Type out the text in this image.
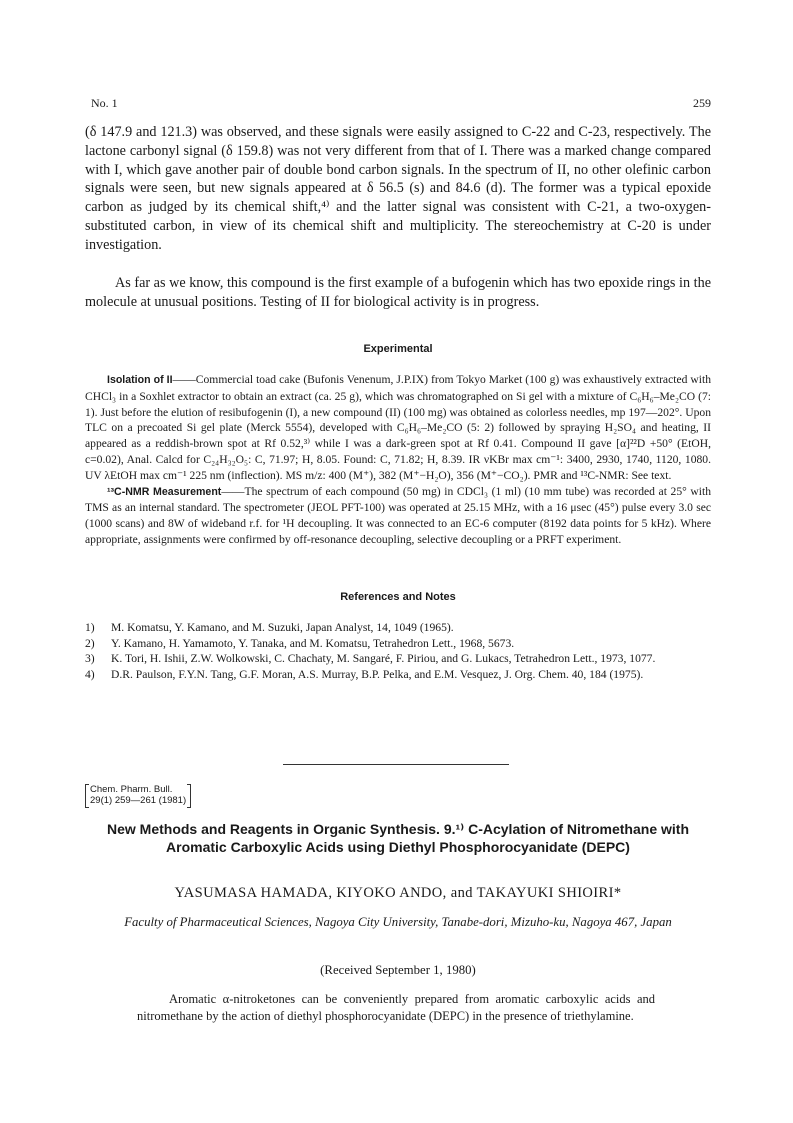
No. 1	259

(δ 147.9 and 121.3) was observed, and these signals were easily assigned to C-22 and C-23, respectively. The lactone carbonyl signal (δ 159.8) was not very different from that of I. There was a marked change compared with I, which gave another pair of double bond carbon signals. In the spectrum of II, no other olefinic carbon signals were seen, but new signals appeared at δ 56.5 (s) and 84.6 (d). The former was a typical epoxide carbon as judged by its chemical shift,⁴⁾ and the latter signal was consistent with C-21, a two-oxygen-substituted carbon, in view of its chemical shift and multiplicity. The stereochemistry at C-20 is under investigation.

As far as we know, this compound is the first example of a bufogenin which has two epoxide rings in the molecule at unusual positions. Testing of II for biological activity is in progress.

Experimental

Isolation of II——Commercial toad cake (Bufonis Venenum, J.P.IX) from Tokyo Market (100 g) was exhaustively extracted with CHCl₃ in a Soxhlet extractor to obtain an extract (ca. 25 g), which was chromatographed on Si gel with a mixture of C₆H₆–Me₂CO (7: 1). Just before the elution of resibufogenin (I), a new compound (II) (100 mg) was obtained as colorless needles, mp 197—202°. Upon TLC on a precoated Si gel plate (Merck 5554), developed with C₆H₆–Me₂CO (5: 2) followed by spraying H₂SO₄ and heating, II appeared as a reddish-brown spot at Rf 0.52,³⁾ while I was a dark-green spot at Rf 0.41. Compound II gave [α]²²D +50° (EtOH, c=0.02), Anal. Calcd for C₂₄H₃₂O₅: C, 71.97; H, 8.05. Found: C, 71.82; H, 8.39. IR νKBr max cm⁻¹: 3400, 2930, 1740, 1120, 1080. UV λEtOH max cm⁻¹ 225 nm (inflection). MS m/z: 400 (M⁺), 382 (M⁺−H₂O), 356 (M⁺−CO₂). PMR and ¹³C-NMR: See text.

¹³C-NMR Measurement——The spectrum of each compound (50 mg) in CDCl₃ (1 ml) (10 mm tube) was recorded at 25° with TMS as an internal standard. The spectrometer (JEOL PFT-100) was operated at 25.15 MHz, with a 16 μsec (45°) pulse every 3.0 sec (1000 scans) and 8W of wideband r.f. for ¹H decoupling. It was connected to an EC-6 computer (8192 data points for 5 kHz). Where appropriate, assignments were confirmed by off-resonance decoupling, selective decoupling or a PRFT experiment.

References and Notes
1) M. Komatsu, Y. Kamano, and M. Suzuki, Japan Analyst, 14, 1049 (1965).
2) Y. Kamano, H. Yamamoto, Y. Tanaka, and M. Komatsu, Tetrahedron Lett., 1968, 5673.
3) K. Tori, H. Ishii, Z.W. Wolkowski, C. Chachaty, M. Sangaré, F. Piriou, and G. Lukacs, Tetrahedron Lett., 1973, 1077.
4) D.R. Paulson, F.Y.N. Tang, G.F. Moran, A.S. Murray, B.P. Pelka, and E.M. Vesquez, J. Org. Chem. 40, 184 (1975).
Chem. Pharm. Bull.
29(1) 259—261 (1981)
New Methods and Reagents in Organic Synthesis. 9.¹⁾ C-Acylation of Nitromethane with Aromatic Carboxylic Acids using Diethyl Phosphorocyanidate (DEPC)
YASUMASA HAMADA, KIYOKO ANDO, and TAKAYUKI SHIOIRI*
Faculty of Pharmaceutical Sciences, Nagoya City University, Tanabe-dori, Mizuho-ku, Nagoya 467, Japan
(Received September 1, 1980)

Aromatic α-nitroketones can be conveniently prepared from aromatic carboxylic acids and nitromethane by the action of diethyl phosphorocyanidate (DEPC) in the presence of triethylamine.
